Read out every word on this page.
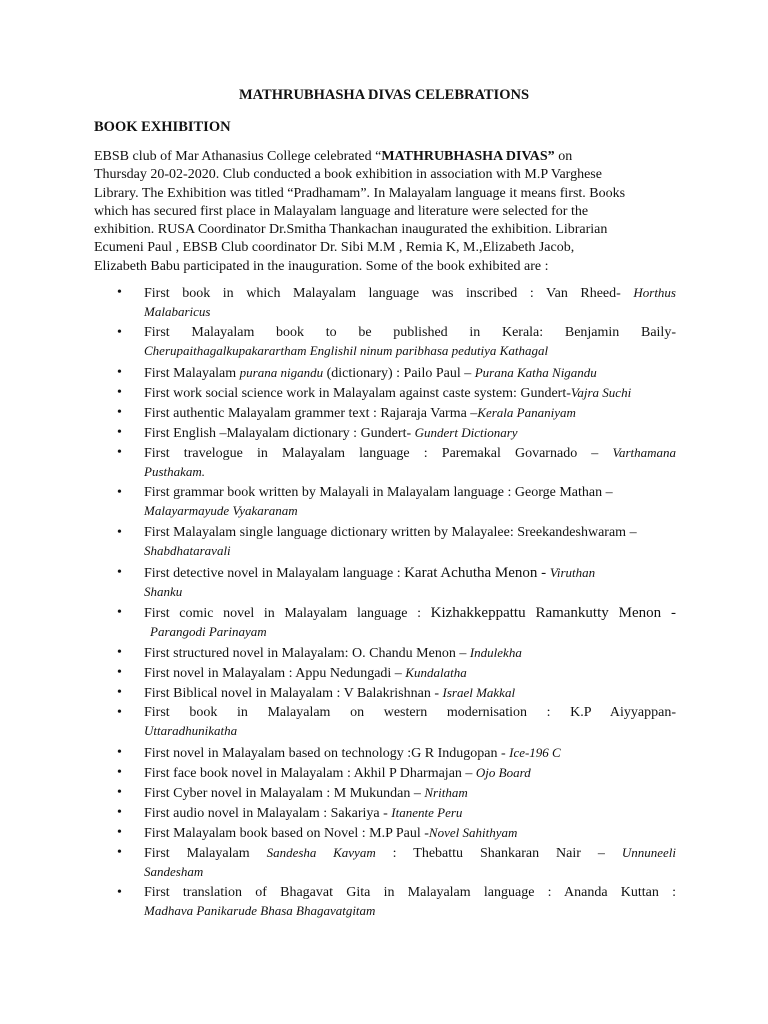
MATHRUBHASHA DIVAS CELEBRATIONS
BOOK EXHIBITION
EBSB club of Mar Athanasius College celebrated “MATHRUBHASHA DIVAS” on
Thursday 20-02-2020. Club conducted a book exhibition in association with M.P Varghese
Library. The Exhibition was titled “Pradhamam”. In Malayalam language it means first. Books
which has secured first place in Malayalam language and literature were selected for the
exhibition. RUSA Coordinator Dr.Smitha Thankachan inaugurated the exhibition. Librarian
Ecumeni Paul , EBSB Club coordinator Dr. Sibi M.M , Remia K, M.,Elizabeth Jacob,
Elizabeth Babu participated in the inauguration. Some of the book exhibited are :
• First book in which Malayalam language was inscribed : Van Rheed- Horthus
Malabaricus
• First Malayalam book to be published in Kerala: Benjamin Baily-
Cherupaithagalkupakarartham Englishil ninum paribhasa pedutiya Kathagal
• First Malayalam purana nigandu (dictionary) : Pailo Paul – Purana Katha Nigandu
• First work social science work in Malayalam against caste system: Gundert-Vajra Suchi
• First authentic Malayalam grammer text : Rajaraja Varma –Kerala Pananiyam
• First English –Malayalam dictionary : Gundert- Gundert Dictionary
• First travelogue in Malayalam language : Paremakal Govarnado – Varthamana
Pusthakam.
• First grammar book written by Malayali in Malayalam language : George Mathan –
Malayarmayude Vyakaranam
• First Malayalam single language dictionary written by Malayalee: Sreekandeshwaram –
Shabdhataravali
• First detective novel in Malayalam language : Karat Achutha Menon - Viruthan
Shanku
• First comic novel in Malayalam language : Kizhakkeppattu Ramankutty Menon -
Parangodi Parinayam
• First structured novel in Malayalam: O. Chandu Menon – Indulekha
• First novel in Malayalam : Appu Nedungadi – Kundalatha
• First Biblical novel in Malayalam : V Balakrishnan - Israel Makkal
• First book in Malayalam on western modernisation : K.P Aiyyappan-
Uttaradhunikatha
• First novel in Malayalam based on technology :G R Indugopan - Ice-196 C
• First face book novel in Malayalam : Akhil P Dharmajan – Ojo Board
• First Cyber novel in Malayalam : M Mukundan – Nritham
• First audio novel in Malayalam : Sakariya - Itanente Peru
• First Malayalam book based on Novel : M.P Paul -Novel Sahithyam
• First Malayalam Sandesha Kavyam : Thebattu Shankaran Nair – Unnuneeli
Sandesham
• First translation of Bhagavat Gita in Malayalam language : Ananda Kuttan :
Madhava Panikarude Bhasa Bhagavatgitam
